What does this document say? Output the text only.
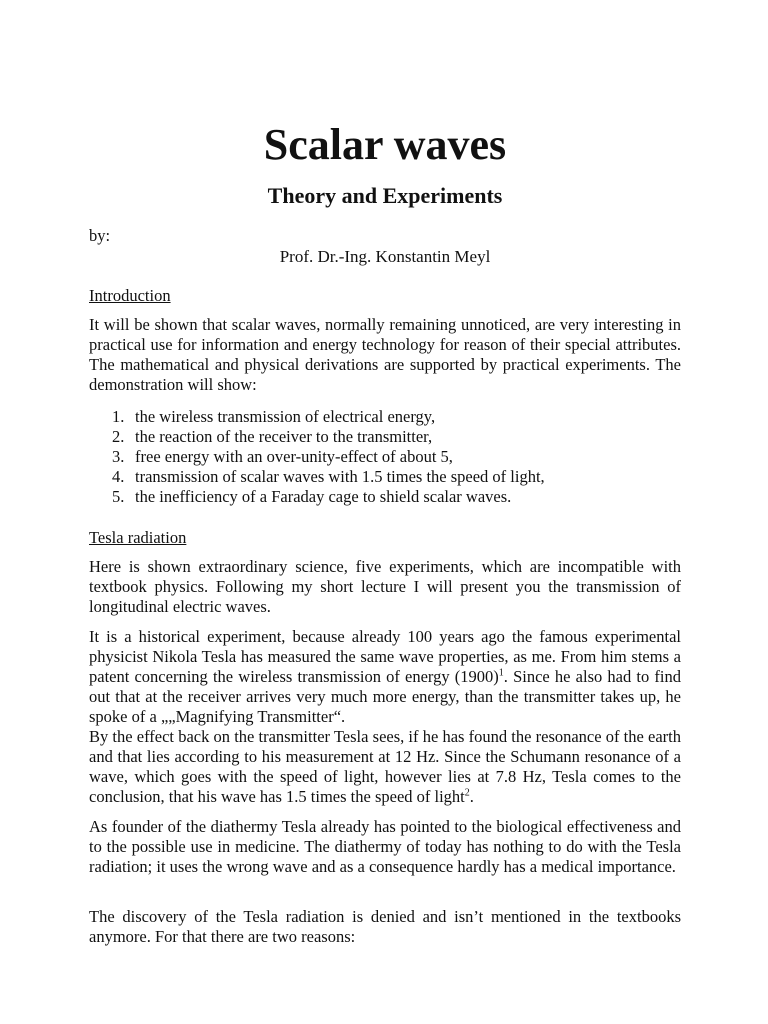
Scalar waves
Theory and Experiments
by:
Prof. Dr.-Ing. Konstantin Meyl
Introduction

It will be shown that scalar waves, normally remaining unnoticed, are very interesting in practical use for information and energy technology for reason of their special attributes. The mathematical and physical derivations are supported by practical experiments. The demonstration will show:

1. the wireless transmission of electrical energy,
2. the reaction of the receiver to the transmitter,
3. free energy with an over-unity-effect of about 5,
4. transmission of scalar waves with 1.5 times the speed of light,
5. the inefficiency of a Faraday cage to shield scalar waves.
Tesla radiation

Here is shown extraordinary science, five experiments, which are incompatible with textbook physics. Following my short lecture I will present you the transmission of longitudinal electric waves.

It is a historical experiment, because already 100 years ago the famous experimental physicist Nikola Tesla has measured the same wave properties, as me. From him stems a patent concerning the wireless transmission of energy $(1900)^1$. Since he also had to find out that at the receiver arrives very much more energy, than the transmitter takes up, he spoke of a „„Magnifying Transmitter“.

By the effect back on the transmitter Tesla sees, if he has found the resonance of the earth and that lies according to his measurement at 12 Hz. Since the Schumann resonance of a wave, which goes with the speed of light, however lies at 7.8 Hz, Tesla comes to the conclusion, that his wave has 1.5 times the speed of light$^2$.

As founder of the diathermy Tesla already has pointed to the biological effectiveness and to the possible use in medicine. The diathermy of today has nothing to do with the Tesla radiation; it uses the wrong wave and as a consequence hardly has a medical importance.

The discovery of the Tesla radiation is denied and isn’t mentioned in the textbooks anymore. For that there are two reasons:
